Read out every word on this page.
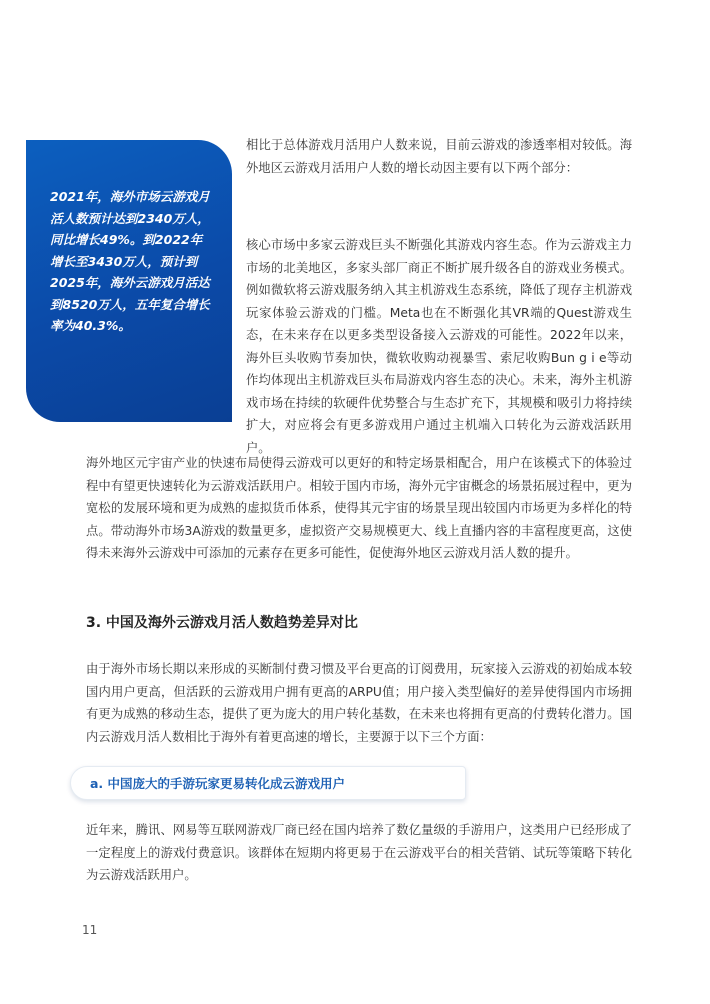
2021年，海外市场云游戏月活人数预计达到2340万人，同比增长49%。到2022年增长至3430万人，预计到2025年，海外云游戏月活达到8520万人，五年复合增长率为40.3%。

相比于总体游戏月活用户人数来说，目前云游戏的渗透率相对较低。海外地区云游戏月活用户人数的增长动因主要有以下两个部分：

核心市场中多家云游戏巨头不断强化其游戏内容生态。作为云游戏主力市场的北美地区，多家头部厂商正不断扩展升级各自的游戏业务模式。例如微软将云游戏服务纳入其主机游戏生态系统，降低了现存主机游戏玩家体验云游戏的门槛。Meta也在不断强化其VR端的Quest游戏生态，在未来存在以更多类型设备接入云游戏的可能性。2022年以来，海外巨头收购节奏加快，微软收购动视暴雪、索尼收购Bun g i e等动作均体现出主机游戏巨头布局游戏内容生态的决心。未来，海外主机游戏市场在持续的软硬件优势整合与生态扩充下，其规模和吸引力将持续扩大，对应将会有更多游戏用户通过主机端入口转化为云游戏活跃用户。

海外地区元宇宙产业的快速布局使得云游戏可以更好的和特定场景相配合，用户在该模式下的体验过程中有望更快速转化为云游戏活跃用户。相较于国内市场，海外元宇宙概念的场景拓展过程中，更为宽松的发展环境和更为成熟的虚拟货币体系，使得其元宇宙的场景呈现出较国内市场更为多样化的特点。带动海外市场3A游戏的数量更多，虚拟资产交易规模更大、线上直播内容的丰富程度更高，这使得未来海外云游戏中可添加的元素存在更多可能性，促使海外地区云游戏月活人数的提升。

3. 中国及海外云游戏月活人数趋势差异对比

由于海外市场长期以来形成的买断制付费习惯及平台更高的订阅费用，玩家接入云游戏的初始成本较国内用户更高，但活跃的云游戏用户拥有更高的ARPU值；用户接入类型偏好的差异使得国内市场拥有更为成熟的移动生态，提供了更为庞大的用户转化基数，在未来也将拥有更高的付费转化潜力。国内云游戏月活人数相比于海外有着更高速的增长，主要源于以下三个方面：

a. 中国庞大的手游玩家更易转化成云游戏用户

近年来，腾讯、网易等互联网游戏厂商已经在国内培养了数亿量级的手游用户，这类用户已经形成了一定程度上的游戏付费意识。该群体在短期内将更易于在云游戏平台的相关营销、试玩等策略下转化为云游戏活跃用户。

11
